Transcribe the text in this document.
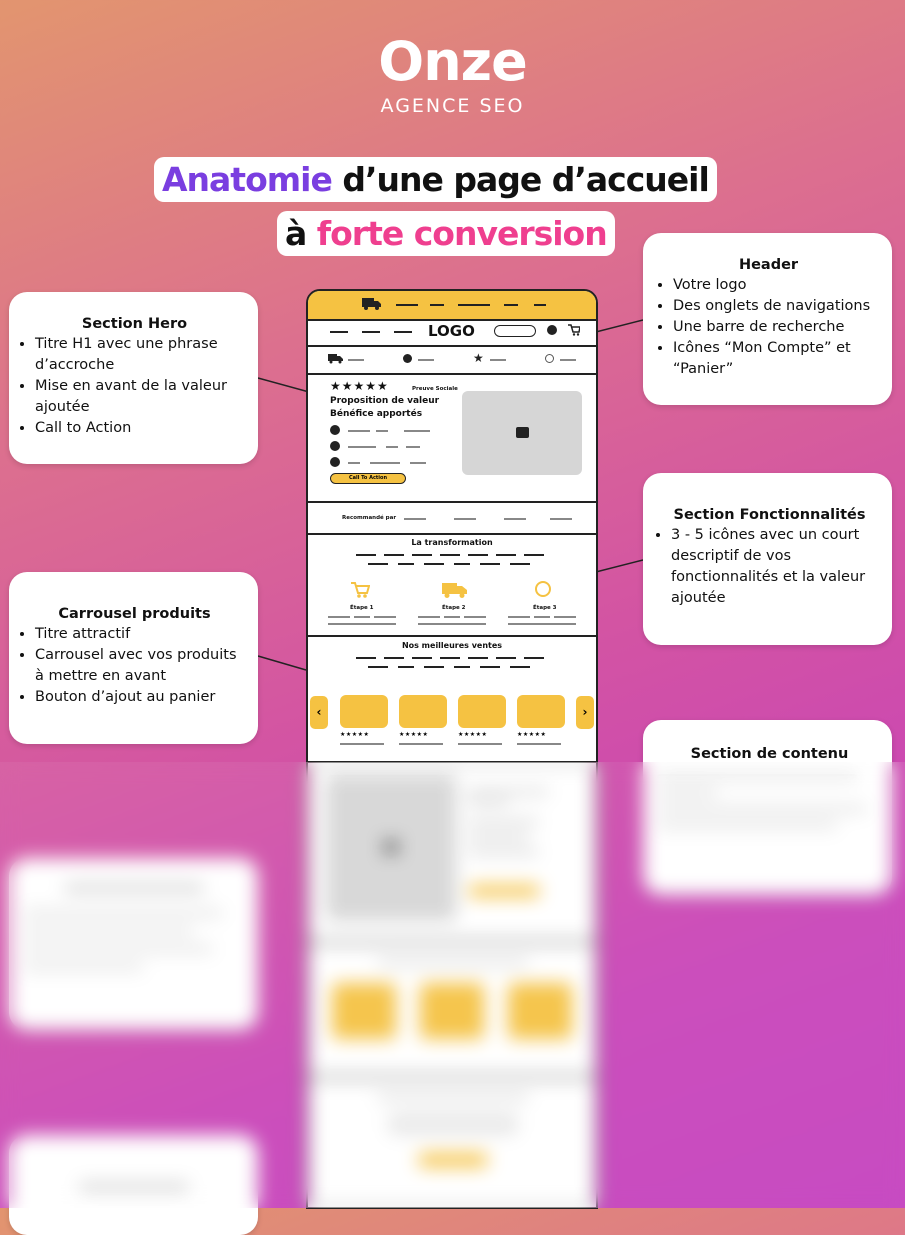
Onze
AGENCE SEO
Anatomie d’une page d’accueil
à forte conversion
Header
• Votre logo
• Des onglets de navigations
• Une barre de recherche
• Icônes “Mon Compte” et “Panier”
Section Hero
• Titre H1 avec une phrase d’accroche
• Mise en avant de la valeur ajoutée
• Call to Action
Section Fonctionnalités
• 3 - 5 icônes avec un court descriptif de vos fonctionnalités et la valeur ajoutée
Carrousel produits
• Titre attractif
• Carrousel avec vos produits à mettre en avant
• Bouton d’ajout au panier
Section de contenu
LOGO
★
★★★★★	Preuve Sociale
Proposition de valeur
Bénéfice apportés
Call To Action
Recommandé par
La transformation
Étape 1	Étape 2	Étape 3
Nos meilleures ventes
‹	›
★★★★★	★★★★★	★★★★★	★★★★★
